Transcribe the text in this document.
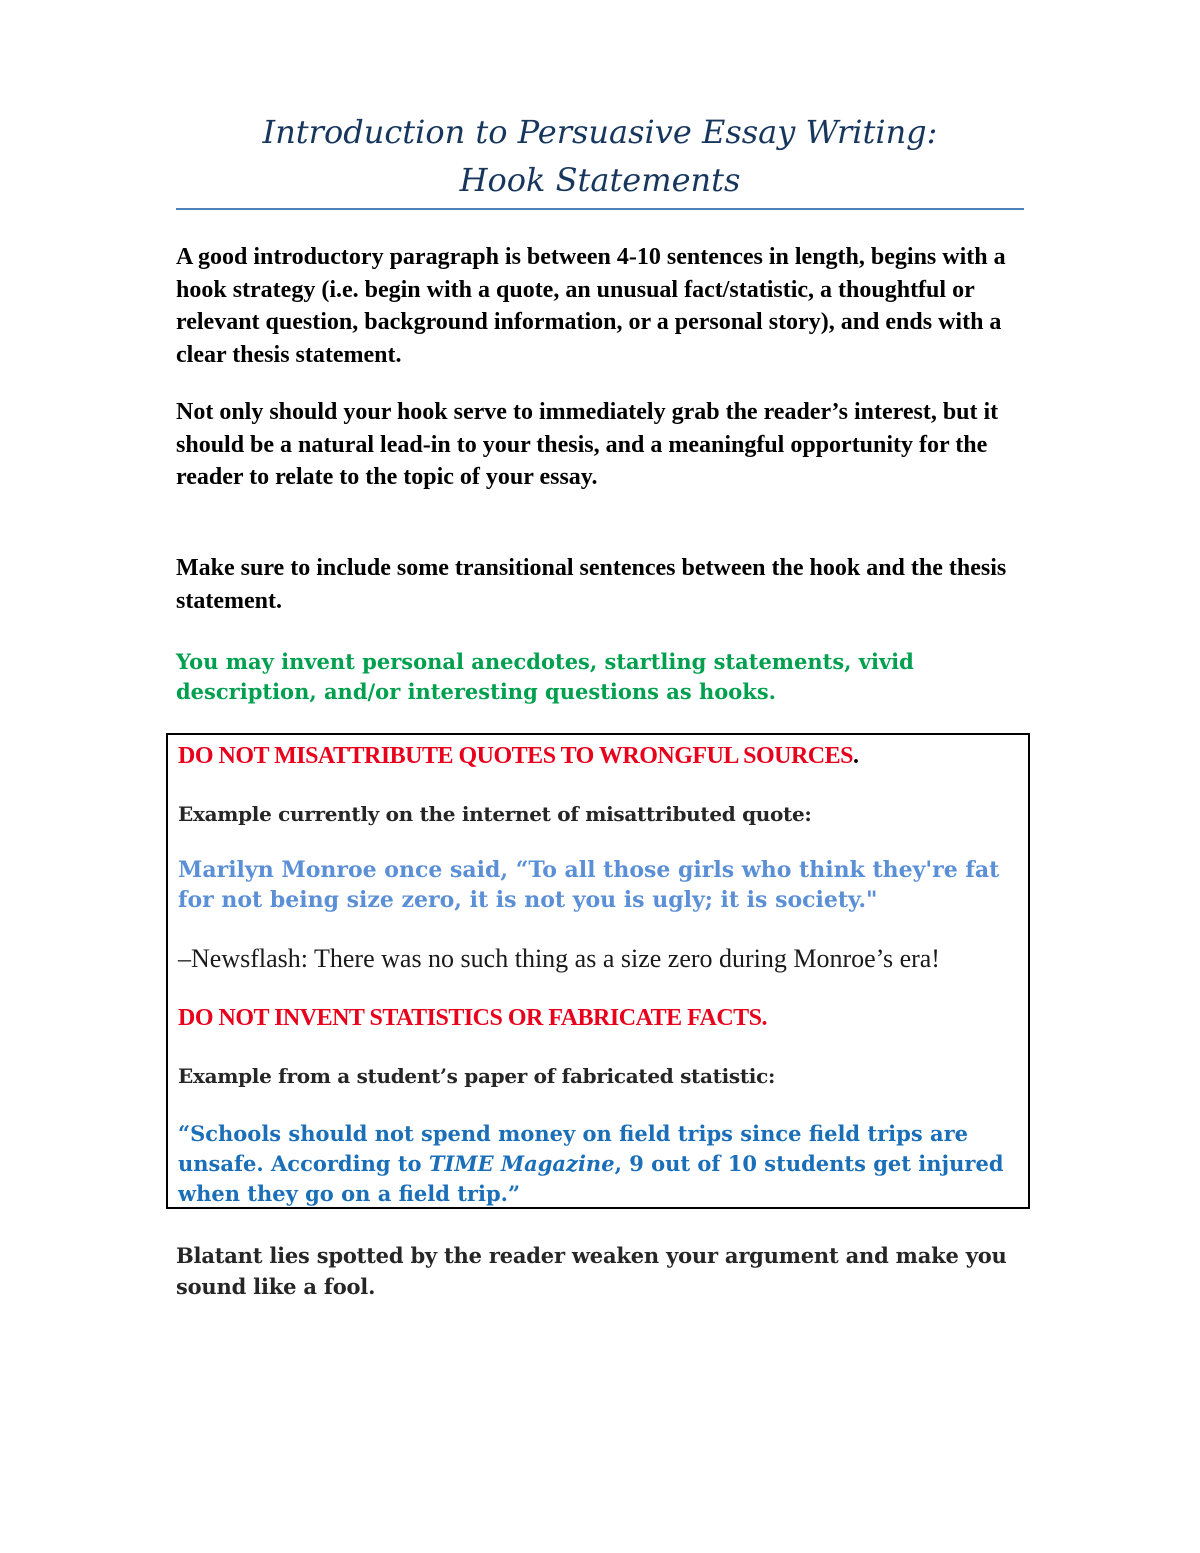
Introduction to Persuasive Essay Writing:
Hook Statements

A good introductory paragraph is between 4-10 sentences in length, begins with a hook strategy (i.e. begin with a quote, an unusual fact/statistic, a thoughtful or relevant question, background information, or a personal story), and ends with a clear thesis statement.

Not only should your hook serve to immediately grab the reader’s interest, but it should be a natural lead-in to your thesis, and a meaningful opportunity for the reader to relate to the topic of your essay.

Make sure to include some transitional sentences between the hook and the thesis statement.

You may invent personal anecdotes, startling statements, vivid description, and/or interesting questions as hooks.

DO NOT MISATTRIBUTE QUOTES TO WRONGFUL SOURCES.

Example currently on the internet of misattributed quote:

Marilyn Monroe once said, “To all those girls who think they're fat for not being size zero, it is not you is ugly; it is society."

–Newsflash: There was no such thing as a size zero during Monroe’s era!

DO NOT INVENT STATISTICS OR FABRICATE FACTS.

Example from a student’s paper of fabricated statistic:

“Schools should not spend money on field trips since field trips are unsafe. According to TIME Magazine, 9 out of 10 students get injured when they go on a field trip.”

Blatant lies spotted by the reader weaken your argument and make you sound like a fool.
